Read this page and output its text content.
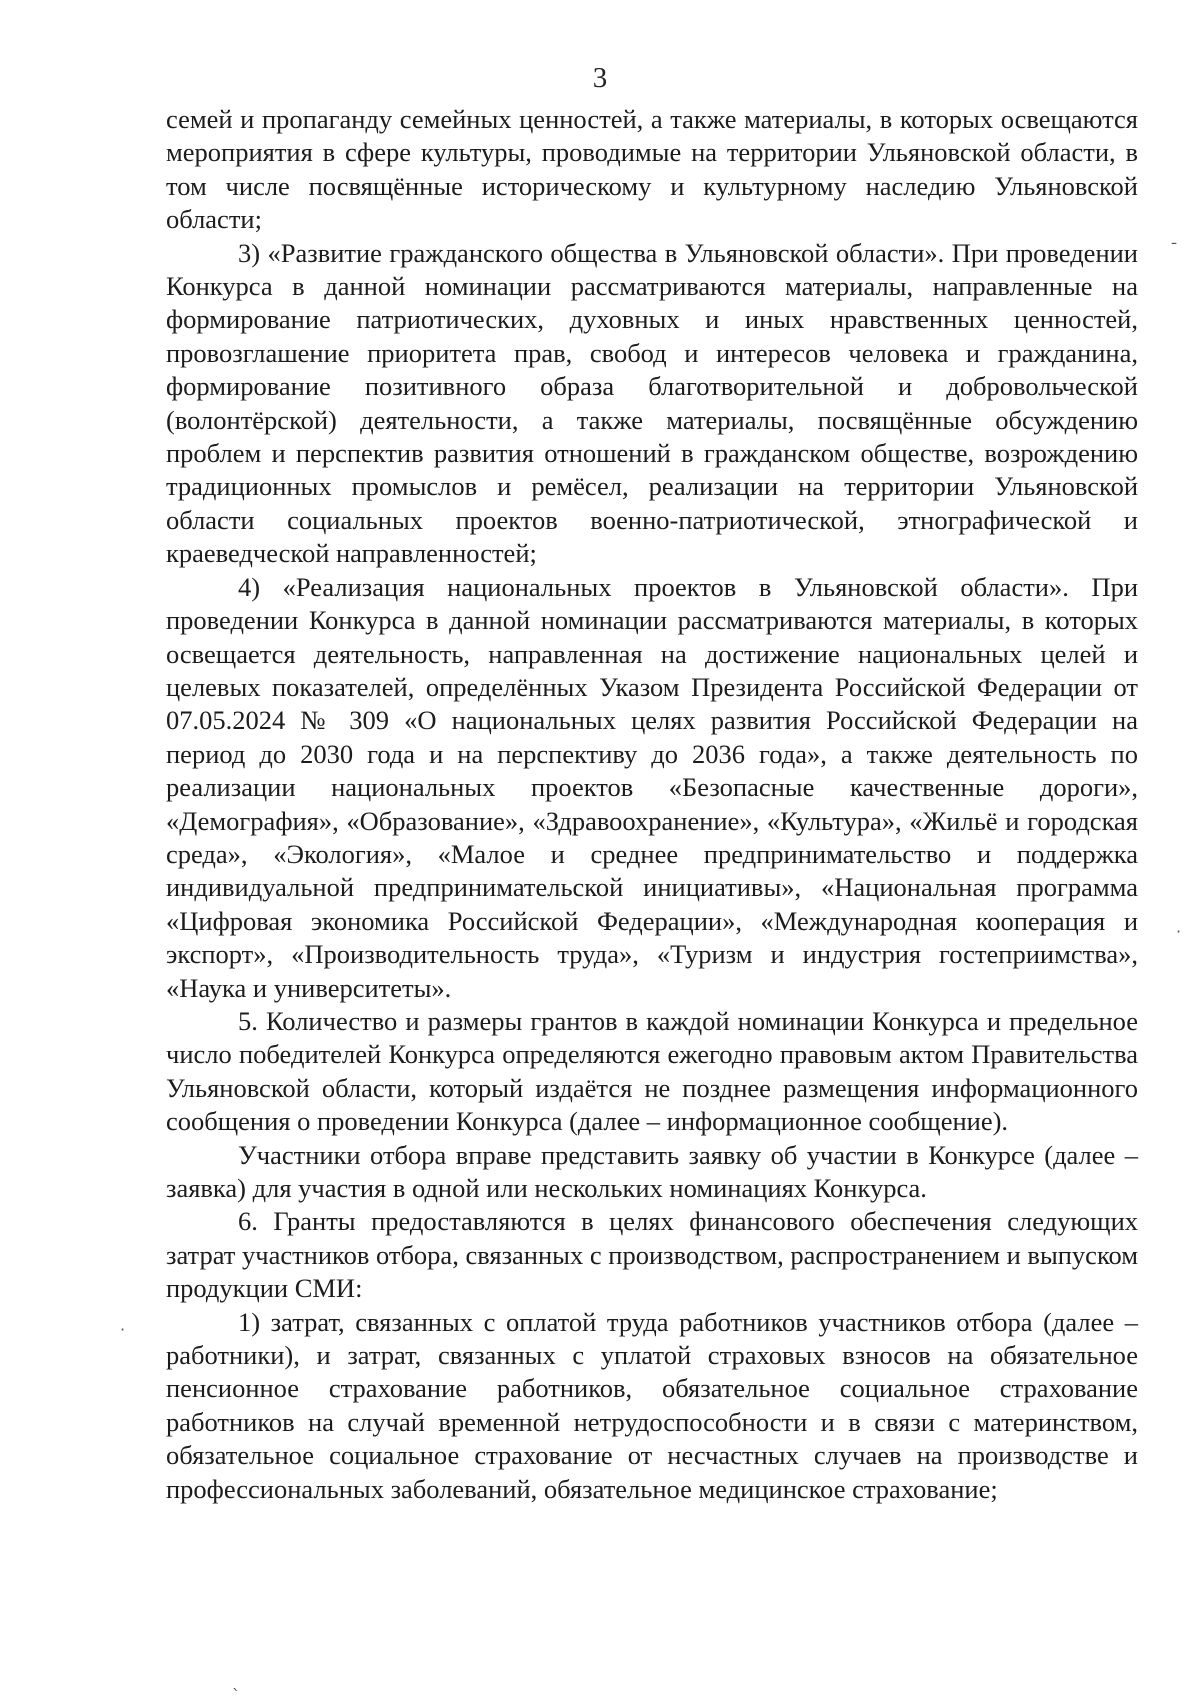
3

семей и пропаганду семейных ценностей, а также материалы, в которых освещаются мероприятия в сфере культуры, проводимые на территории Ульяновской области, в том числе посвящённые историческому и культурному наследию Ульяновской области;

3) «Развитие гражданского общества в Ульяновской области». При проведении Конкурса в данной номинации рассматриваются материалы, направленные на формирование патриотических, духовных и иных нравственных ценностей, провозглашение приоритета прав, свобод и интересов человека и гражданина, формирование позитивного образа благотворительной и добровольческой (волонтёрской) деятельности, а также материалы, посвящённые обсуждению проблем и перспектив развития отношений в гражданском обществе, возрождению традиционных промыслов и ремёсел, реализации на территории Ульяновской области социальных проектов военно-патриотической, этнографической и краеведческой направленностей;

4) «Реализация национальных проектов в Ульяновской области». При проведении Конкурса в данной номинации рассматриваются материалы, в которых освещается деятельность, направленная на достижение национальных целей и целевых показателей, определённых Указом Президента Российской Федерации от 07.05.2024 № 309 «О национальных целях развития Российской Федерации на период до 2030 года и на перспективу до 2036 года», а также деятельность по реализации национальных проектов «Безопасные качественные дороги», «Демография», «Образование», «Здравоохранение», «Культура», «Жильё и городская среда», «Экология», «Малое и среднее предпринимательство и поддержка индивидуальной предпринимательской инициативы», «Национальная программа «Цифровая экономика Российской Федерации», «Международная кооперация и экспорт», «Производительность труда», «Туризм и индустрия гостеприимства», «Наука и университеты».

5. Количество и размеры грантов в каждой номинации Конкурса и предельное число победителей Конкурса определяются ежегодно правовым актом Правительства Ульяновской области, который издаётся не позднее размещения информационного сообщения о проведении Конкурса (далее – информационное сообщение).

Участники отбора вправе представить заявку об участии в Конкурсе (далее – заявка) для участия в одной или нескольких номинациях Конкурса.

6. Гранты предоставляются в целях финансового обеспечения следующих затрат участников отбора, связанных с производством, распространением и выпуском продукции СМИ:

1) затрат, связанных с оплатой труда работников участников отбора (далее – работники), и затрат, связанных с уплатой страховых взносов на обязательное пенсионное страхование работников, обязательное социальное страхование работников на случай временной нетрудоспособности и в связи с материнством, обязательное социальное страхование от несчастных случаев на производстве и профессиональных заболеваний, обязательное медицинское страхование;

¯
·
·
ˎ
